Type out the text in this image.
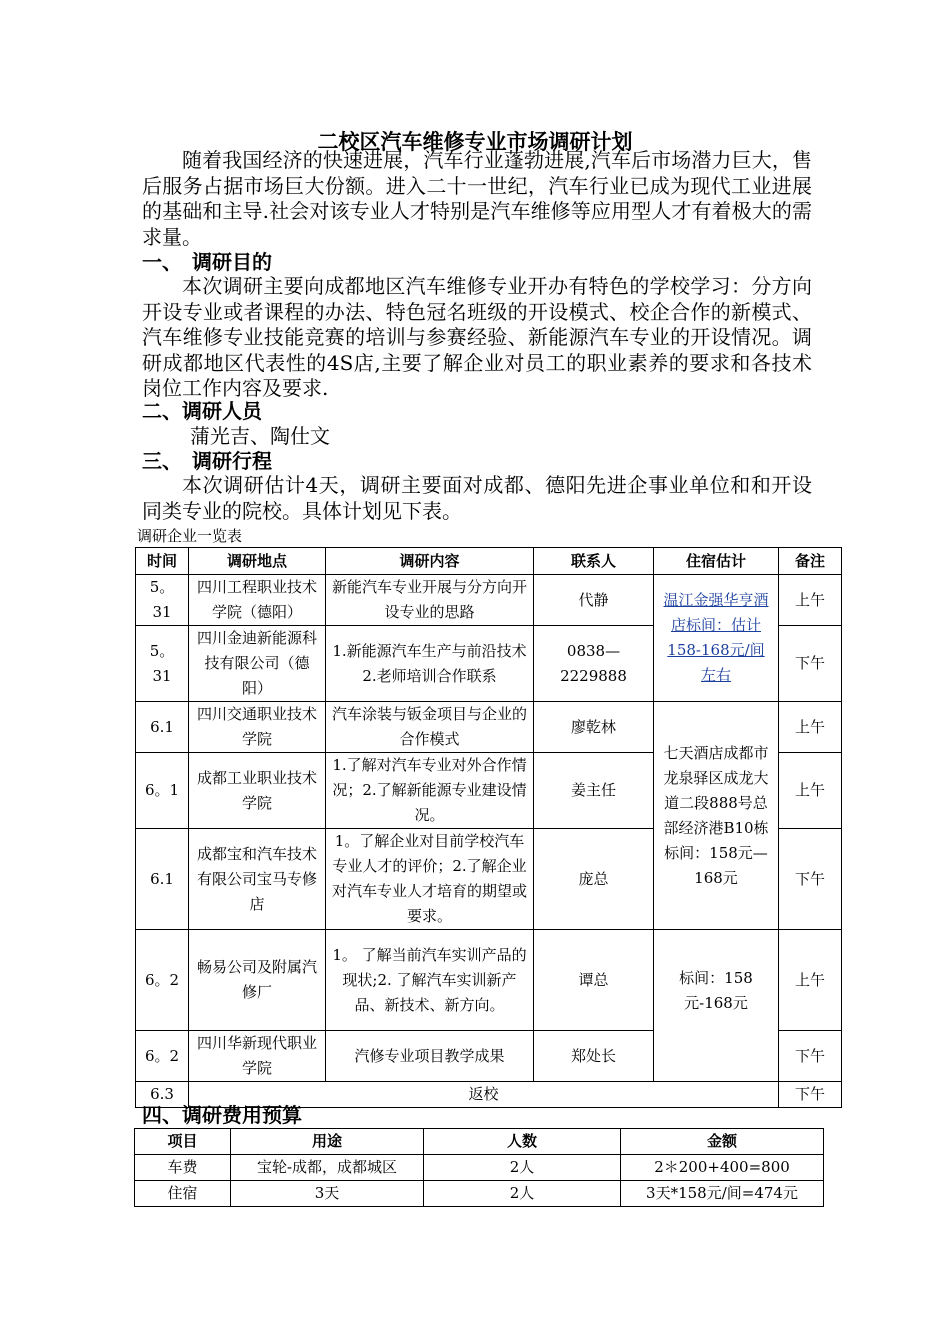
二校区汽车维修专业市场调研计划

随着我国经济的快速进展，汽车行业蓬勃进展,汽车后市场潜力巨大，售后服务占据市场巨大份额。进入二十一世纪，汽车行业已成为现代工业进展的基础和主导.社会对该专业人才特别是汽车维修等应用型人才有着极大的需求量。

一、　调研目的

本次调研主要向成都地区汽车维修专业开办有特色的学校学习：分方向开设专业或者课程的办法、特色冠名班级的开设模式、校企合作的新模式、汽车维修专业技能竞赛的培训与参赛经验、新能源汽车专业的开设情况。调研成都地区代表性的4S店,主要了解企业对员工的职业素养的要求和各技术岗位工作内容及要求.

二、调研人员
蒲光吉、陶仕文
三、　调研行程

本次调研估计4天，调研主要面对成都、德阳先进企事业单位和和开设同类专业的院校。具体计划见下表。

调研企业一览表
时间	调研地点	调研内容	联系人	住宿估计	备注
5。31	四川工程职业技术学院（德阳）	新能汽车专业开展与分方向开设专业的思路	代静	温江金强华亨酒店标间：估计158-168元/间左右	上午
5。31	四川金迪新能源科技有限公司（德阳）	1.新能源汽车生产与前沿技术 2.老师培训合作联系	0838—2229888		下午
6.1	四川交通职业技术学院	汽车涂装与钣金项目与企业的合作模式	廖乾林	七天酒店成都市龙泉驿区成龙大道二段888号总部经济港B10栋标间：158元—168元	上午
6。1	成都工业职业技术学院	1.了解对汽车专业对外合作情况；2.了解新能源专业建设情况。	姜主任		上午
6.1	成都宝和汽车技术有限公司宝马专修店	1。了解企业对目前学校汽车专业人才的评价；2.了解企业对汽车专业人才培育的期望或要求。	庞总		下午
6。2	畅易公司及附属汽修厂	1。 了解当前汽车实训产品的现状;2. 了解汽车实训新产品、新技术、新方向。	谭总	标间：158元-168元	上午
6。2	四川华新现代职业学院	汽修专业项目教学成果	郑处长		下午
6.3	返校				下午
四、调研费用预算
项目	用途	人数	金额
车费	宝轮-成都，成都城区	2人	2＊200+400=800
住宿	3天	2人	3天*158元/间=474元
